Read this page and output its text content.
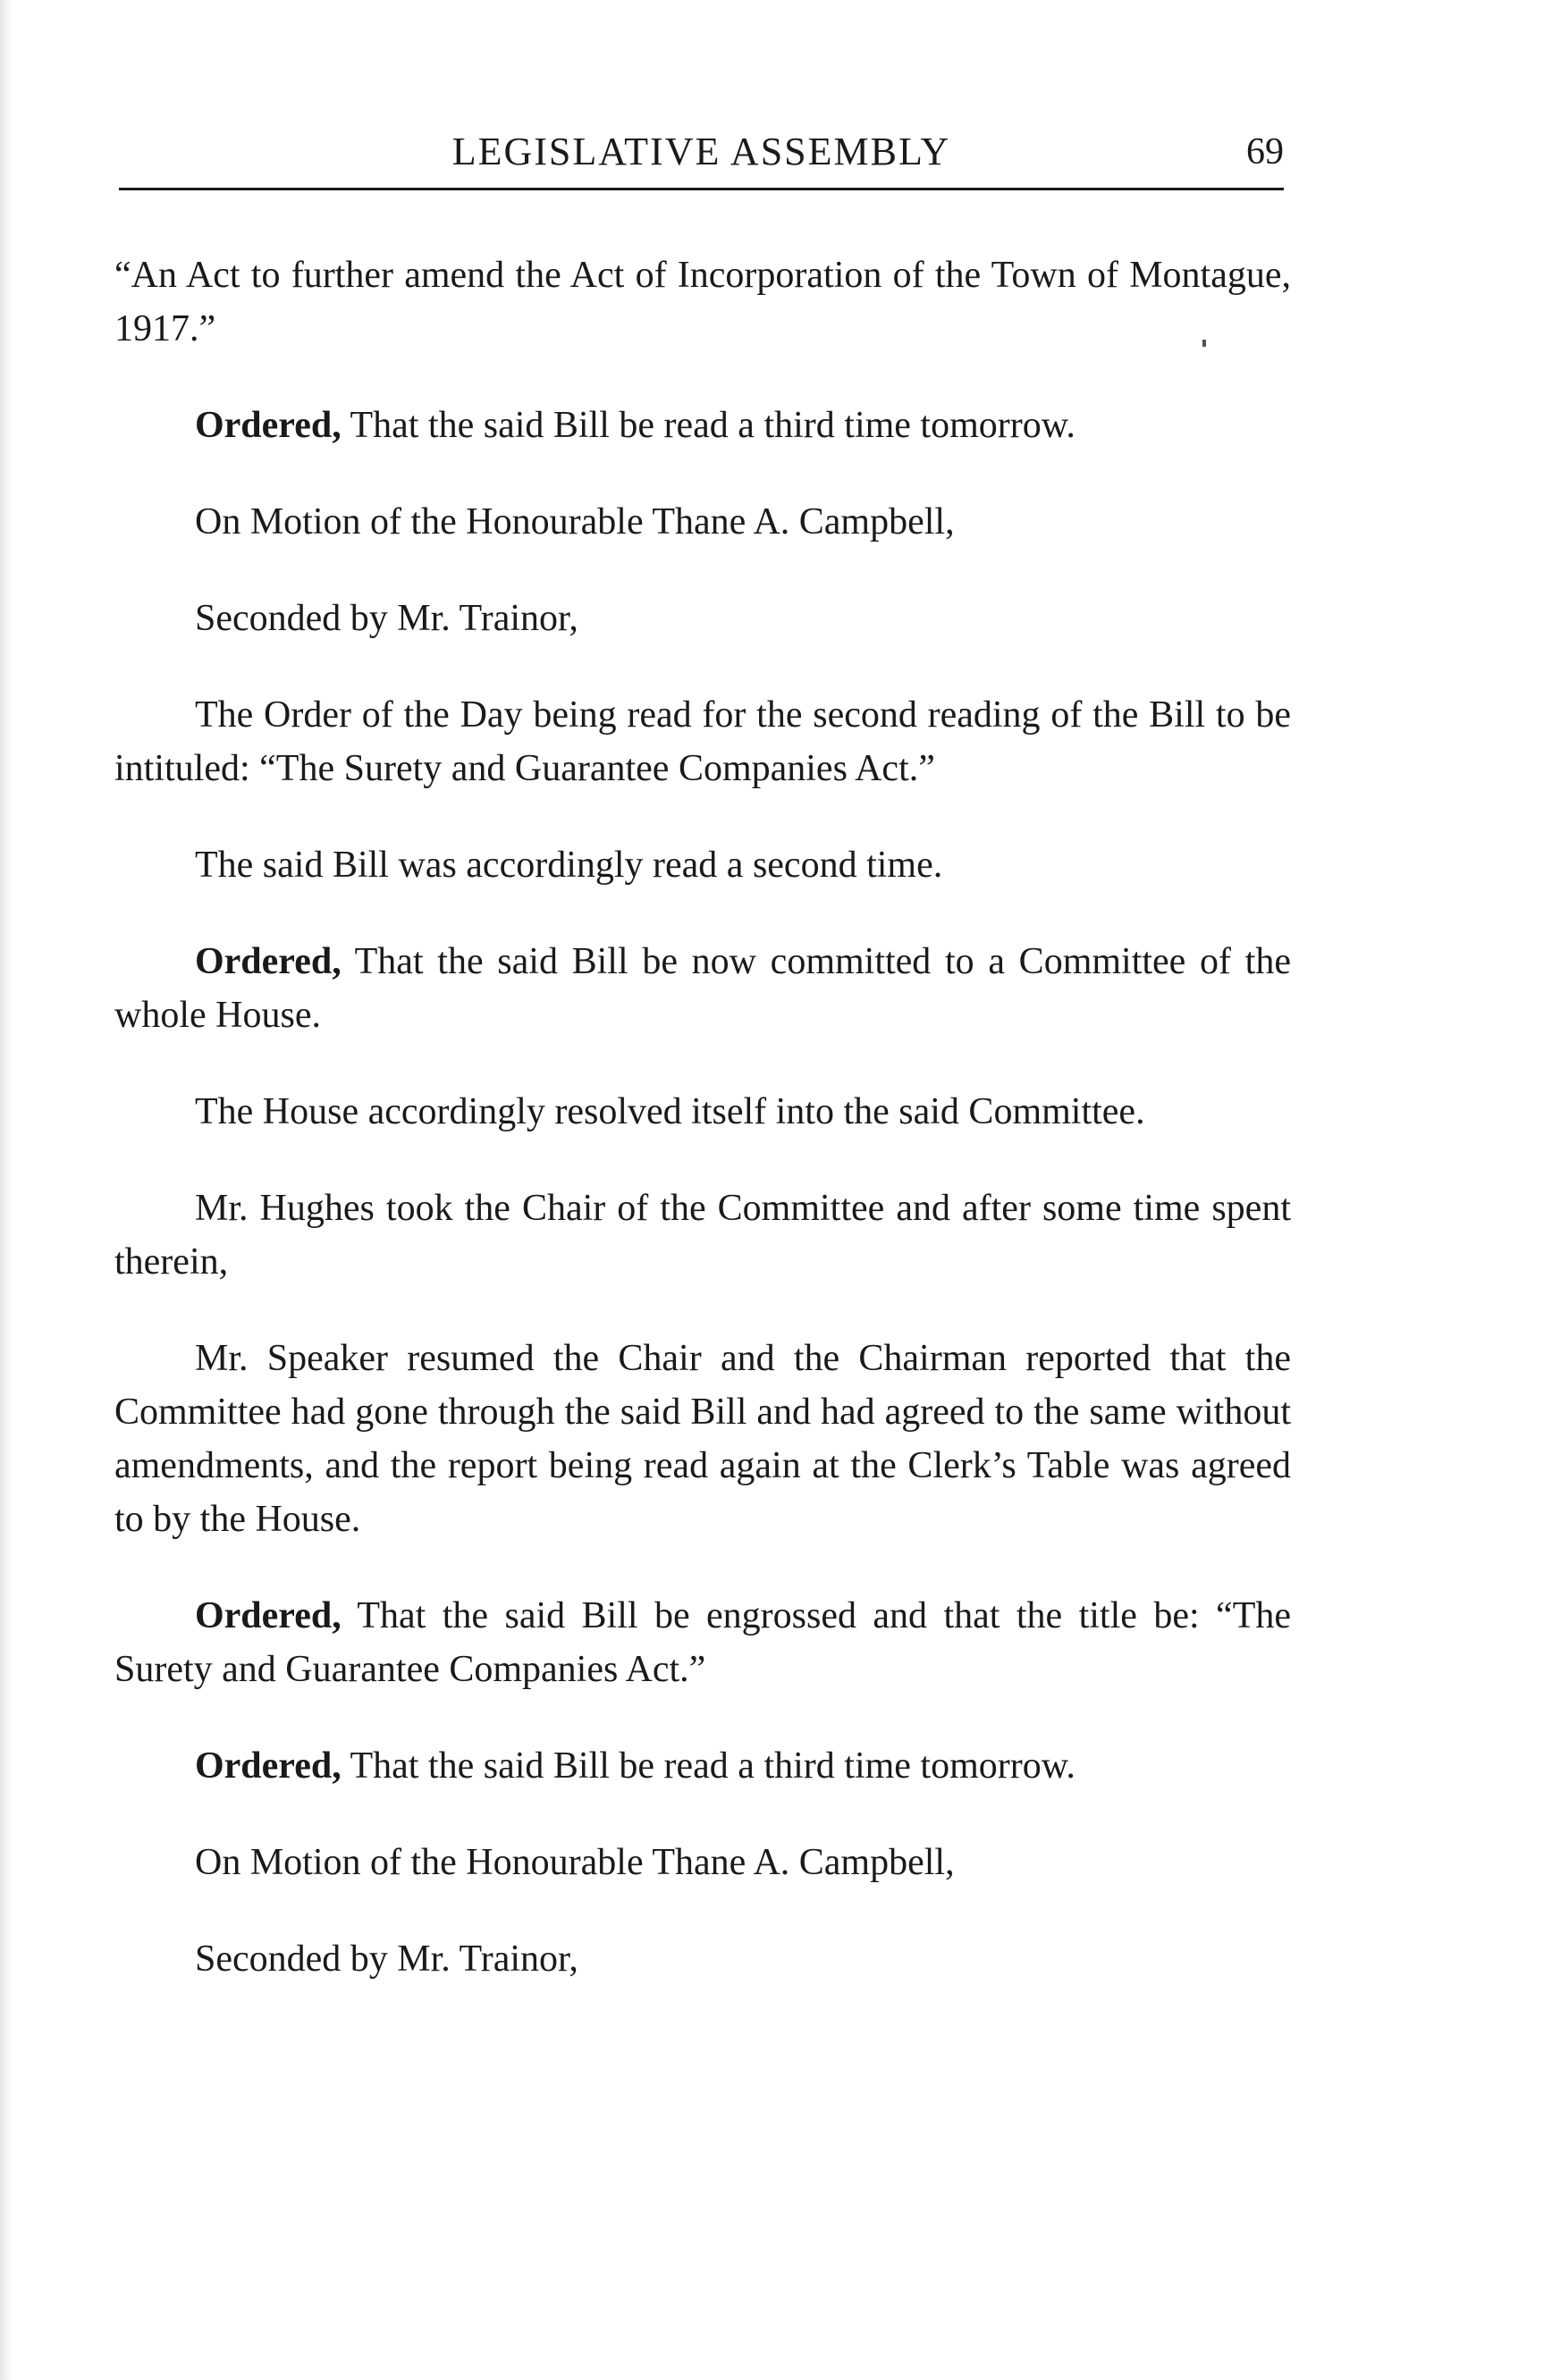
LEGISLATIVE ASSEMBLY	69

“An Act to further amend the Act of Incorporation of the Town of Montague, 1917.”

Ordered, That the said Bill be read a third time tomorrow.

On Motion of the Honourable Thane A. Campbell,

Seconded by Mr. Trainor,

The Order of the Day being read for the second reading of the Bill to be intituled: “The Surety and Guarantee Companies Act.”

The said Bill was accordingly read a second time.

Ordered, That the said Bill be now committed to a Committee of the whole House.

The House accordingly resolved itself into the said Committee.

Mr. Hughes took the Chair of the Committee and after some time spent therein,

Mr. Speaker resumed the Chair and the Chairman reported that the Committee had gone through the said Bill and had agreed to the same without amendments, and the report being read again at the Clerk’s Table was agreed to by the House.

Ordered, That the said Bill be engrossed and that the title be: “The Surety and Guarantee Companies Act.”

Ordered, That the said Bill be read a third time tomorrow.

On Motion of the Honourable Thane A. Campbell,

Seconded by Mr. Trainor,
